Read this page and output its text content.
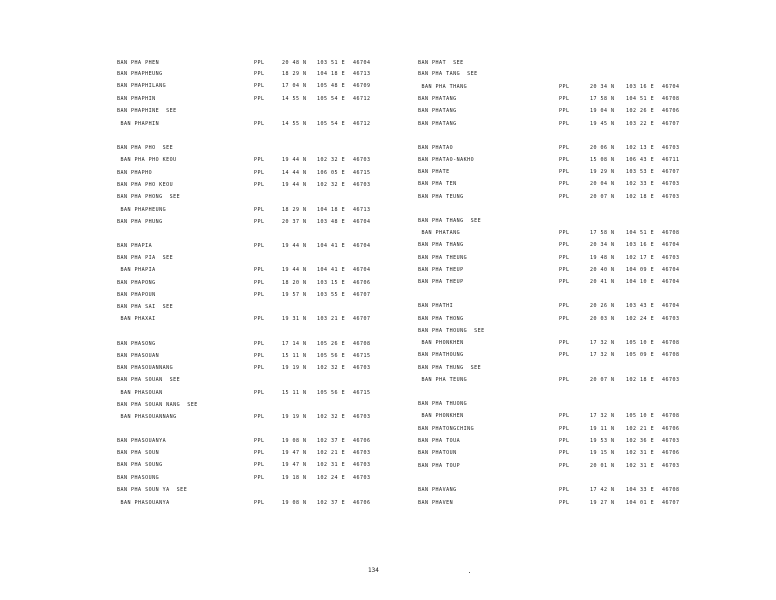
BAN PHA PHEN	PPL	20 48 N 103 51 E 46704
BAN PHAPHEUNG	PPL	18 29 N 104 18 E 46713
BAN PHAPHILANG	PPL	17 04 N 105 48 E 46709
BAN PHAPHIN	PPL	14 55 N 105 54 E 46712
BAN PHAPHINE  SEE
BAN PHAPHIN	PPL	14 55 N 105 54 E 46712
BAN PHA PHO  SEE
BAN PHA PHO KEOU	PPL	19 44 N 102 32 E 46703
BAN PHAPHO	PPL	14 44 N 106 05 E 46715
BAN PHA PHO KEOU	PPL	19 44 N 102 32 E 46703
BAN PHA PHONG  SEE
BAN PHAPHEUNG	PPL	18 29 N 104 18 E 46713
BAN PHA PHUNG	PPL	20 37 N 103 48 E 46704
BAN PHAPIA	PPL	19 44 N 104 41 E 46704
BAN PHA PIA  SEE
BAN PHAPIA	PPL	19 44 N 104 41 E 46704
BAN PHAPONG	PPL	18 20 N 103 15 E 46706
BAN PHAPOUN	PPL	19 57 N 103 55 E 46707
BAN PHA SAI  SEE
BAN PHAXAI	PPL	19 31 N 103 21 E 46707
BAN PHASONG	PPL	17 14 N 105 26 E 46708
BAN PHASOUAN	PPL	15 11 N 105 56 E 46715
BAN PHASOUANNANG	PPL	19 19 N 102 32 E 46703
BAN PHA SOUAN  SEE
BAN PHASOUAN	PPL	15 11 N 105 56 E 46715
BAN PHA SOUAN NANG  SEE
BAN PHASOUANNANG	PPL	19 19 N 102 32 E 46703
BAN PHASOUANYA	PPL	19 08 N 102 37 E 46706
BAN PHA SOUN	PPL	19 47 N 102 21 E 46703
BAN PHA SOUNG	PPL	19 47 N 102 31 E 46703
BAN PHASOUNG	PPL	19 18 N 102 24 E 46703
BAN PHA SOUN YA  SEE
BAN PHASOUANYA	PPL	19 08 N 102 37 E 46706
BAN PHAT  SEE
BAN PHA TANG  SEE
BAN PHA THANG	PPL	20 34 N 103 16 E 46704
BAN PHATANG	PPL	17 58 N 104 51 E 46708
BAN PHATANG	PPL	19 04 N 102 26 E 46706
BAN PHATANG	PPL	19 45 N 103 22 E 46707
BAN PHATAO	PPL	20 06 N 102 13 E 46703
BAN PHATAO-NAKHO	PPL	15 08 N 106 43 E 46711
BAN PHATE	PPL	19 29 N 103 53 E 46707
BAN PHA TEN	PPL	20 04 N 102 33 E 46703
BAN PHA TEUNG	PPL	20 07 N 102 18 E 46703
BAN PHA THANG  SEE
BAN PHATANG	PPL	17 58 N 104 51 E 46708
BAN PHA THANG	PPL	20 34 N 103 16 E 46704
BAN PHA THEUNG	PPL	19 48 N 102 17 E 46703
BAN PHA THEUP	PPL	20 40 N 104 09 E 46704
BAN PHA THEUP	PPL	20 41 N 104 10 E 46704
BAN PHATHI	PPL	20 26 N 103 43 E 46704
BAN PHA THONG	PPL	20 03 N 102 24 E 46703
BAN PHA THOUNG  SEE
BAN PHONKHEN	PPL	17 32 N 105 10 E 46708
BAN PHATHOUNG	PPL	17 32 N 105 09 E 46708
BAN PHA THUNG  SEE
BAN PHA TEUNG	PPL	20 07 N 102 18 E 46703
BAN PHA THUONG
BAN PHONKHEN	PPL	17 32 N 105 10 E 46708
BAN PHATONGCHING	PPL	19 11 N 102 21 E 46706
BAN PHA TOUA	PPL	19 53 N 102 36 E 46703
BAN PHATOUN	PPL	19 15 N 102 31 E 46706
BAN PHA TOUP	PPL	20 01 N 102 31 E 46703
BAN PHAVANG	PPL	17 42 N 104 33 E 46708
BAN PHAVEN	PPL	19 27 N 104 01 E 46707
134
